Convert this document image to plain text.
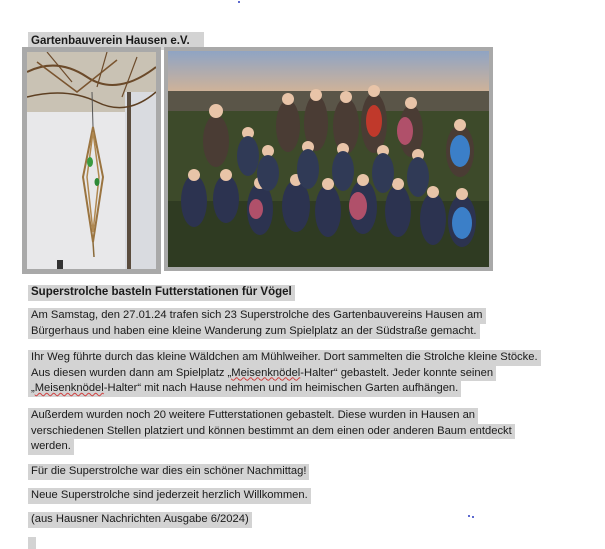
Gartenbauverein Hausen e.V.
Superstrolche basteln Futterstationen für Vögel
Am Samstag, den 27.01.24 trafen sich 23 Superstrolche des Gartenbauvereins Hausen am
Bürgerhaus und haben eine kleine Wanderung zum Spielplatz an der Südstraße gemacht.
Ihr Weg führte durch das kleine Wäldchen am Mühlweiher. Dort sammelten die Strolche kleine Stöcke.
Aus diesen wurden dann am Spielplatz „Meisenknödel-Halter“ gebastelt. Jeder konnte seinen
„Meisenknödel-Halter“ mit nach Hause nehmen und im heimischen Garten aufhängen.
Außerdem wurden noch 20 weitere Futterstationen gebastelt. Diese wurden in Hausen an
verschiedenen Stellen platziert und können bestimmt an dem einen oder anderen Baum entdeckt
werden.
Für die Superstrolche war dies ein schöner Nachmittag!
Neue Superstrolche sind jederzeit herzlich Willkommen.
(aus Hausner Nachrichten Ausgabe 6/2024)
